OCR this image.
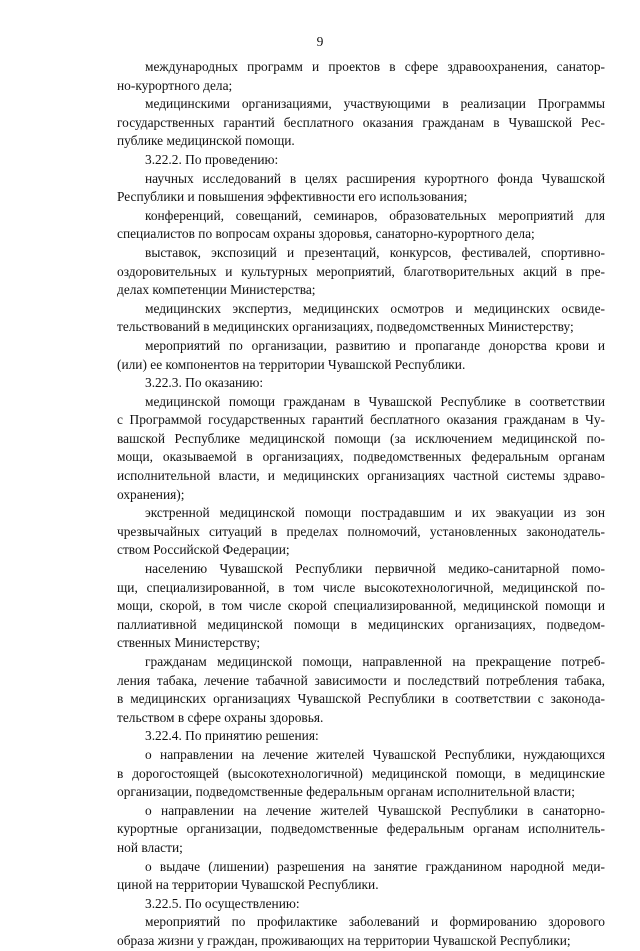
9
международных программ и проектов в сфере здравоохранения, санатор-
но-курортного дела;
медицинскими организациями, участвующими в реализации Программы
государственных гарантий бесплатного оказания гражданам в Чувашской Рес-
публике медицинской помощи.
3.22.2. По проведению:
научных исследований в целях расширения курортного фонда Чувашской
Республики и повышения эффективности его использования;
конференций, совещаний, семинаров, образовательных мероприятий для
специалистов по вопросам охраны здоровья, санаторно-курортного дела;
выставок, экспозиций и презентаций, конкурсов, фестивалей, спортивно-
оздоровительных и культурных мероприятий, благотворительных акций в пре-
делах компетенции Министерства;
медицинских экспертиз, медицинских осмотров и медицинских освиде-
тельствований в медицинских организациях, подведомственных Министерству;
мероприятий по организации, развитию и пропаганде донорства крови и
(или) ее компонентов на территории Чувашской Республики.
3.22.3. По оказанию:
медицинской помощи гражданам в Чувашской Республике в соответствии
с Программой государственных гарантий бесплатного оказания гражданам в Чу-
вашской Республике медицинской помощи (за исключением медицинской по-
мощи, оказываемой в организациях, подведомственных федеральным органам
исполнительной власти, и медицинских организациях частной системы здраво-
охранения);
экстренной медицинской помощи пострадавшим и их эвакуации из зон
чрезвычайных ситуаций в пределах полномочий, установленных законодатель-
ством Российской Федерации;
населению Чувашской Республики первичной медико-санитарной помо-
щи, специализированной, в том числе высокотехнологичной, медицинской по-
мощи, скорой, в том числе скорой специализированной, медицинской помощи и
паллиативной медицинской помощи в медицинских организациях, подведом-
ственных Министерству;
гражданам медицинской помощи, направленной на прекращение потреб-
ления табака, лечение табачной зависимости и последствий потребления табака,
в медицинских организациях Чувашской Республики в соответствии с законода-
тельством в сфере охраны здоровья.
3.22.4. По принятию решения:
о направлении на лечение жителей Чувашской Республики, нуждающихся
в дорогостоящей (высокотехнологичной) медицинской помощи, в медицинские
организации, подведомственные федеральным органам исполнительной власти;
о направлении на лечение жителей Чувашской Республики в санаторно-
курортные организации, подведомственные федеральным органам исполнитель-
ной власти;
о выдаче (лишении) разрешения на занятие гражданином народной меди-
циной на территории Чувашской Республики.
3.22.5. По осуществлению:
мероприятий по профилактике заболеваний и формированию здорового
образа жизни у граждан, проживающих на территории Чувашской Республики;
